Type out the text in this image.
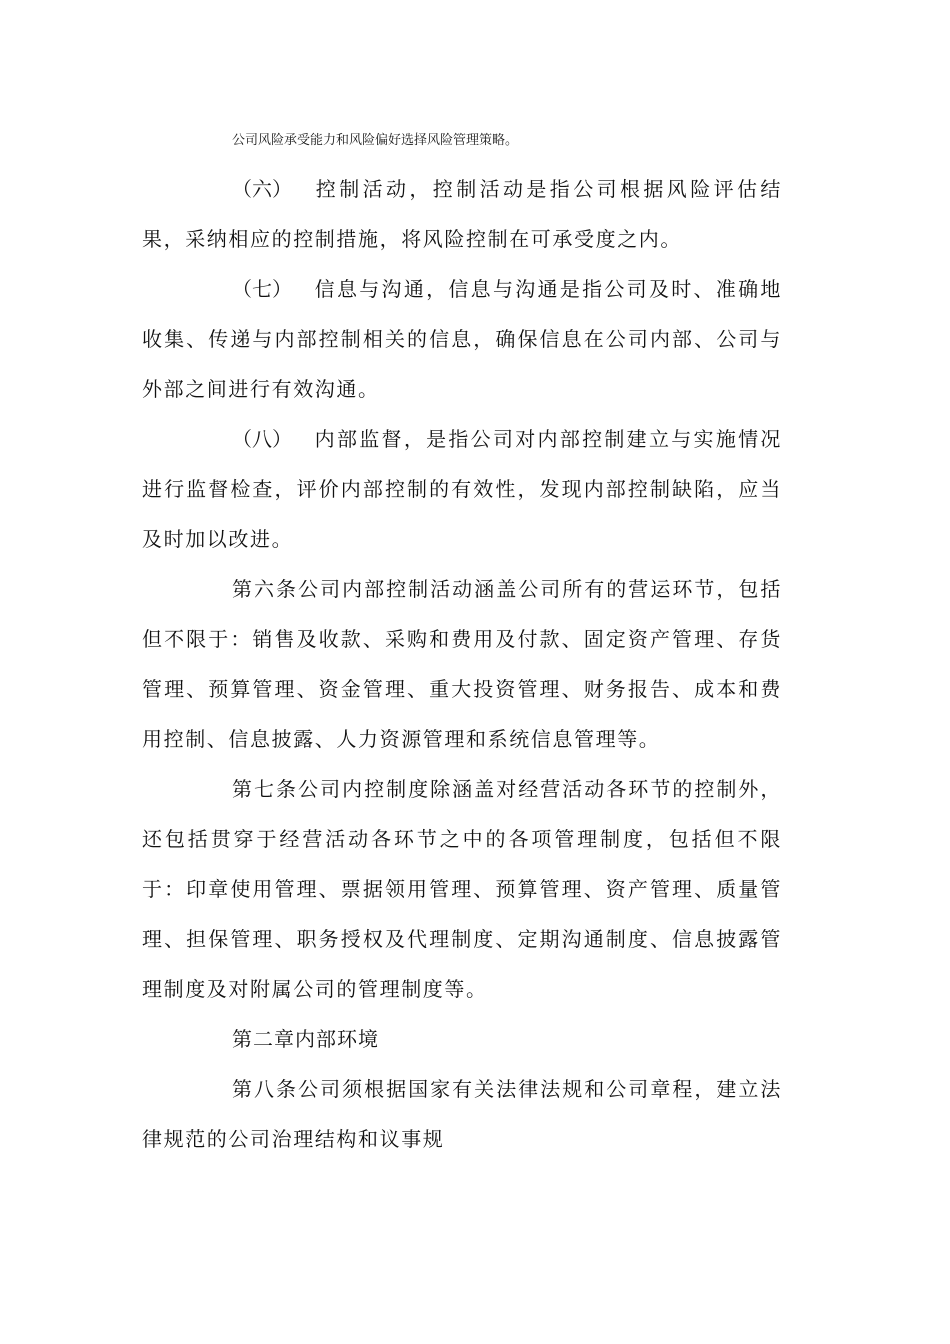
公司风险承受能力和风险偏好选择风险管理策略。

（六） 控制活动，控制活动是指公司根据风险评估结果，采纳相应的控制措施，将风险控制在可承受度之内。

（七） 信息与沟通，信息与沟通是指公司及时、准确地收集、传递与内部控制相关的信息，确保信息在公司内部、公司与外部之间进行有效沟通。

（八） 内部监督，是指公司对内部控制建立与实施情况进行监督检查，评价内部控制的有效性，发现内部控制缺陷，应当及时加以改进。

第六条公司内部控制活动涵盖公司所有的营运环节，包括但不限于：销售及收款、采购和费用及付款、固定资产管理、存货管理、预算管理、资金管理、重大投资管理、财务报告、成本和费用控制、信息披露、人力资源管理和系统信息管理等。

第七条公司内控制度除涵盖对经营活动各环节的控制外，还包括贯穿于经营活动各环节之中的各项管理制度，包括但不限于：印章使用管理、票据领用管理、预算管理、资产管理、质量管理、担保管理、职务授权及代理制度、定期沟通制度、信息披露管理制度及对附属公司的管理制度等。

第二章内部环境

第八条公司须根据国家有关法律法规和公司章程，建立法律规范的公司治理结构和议事规
